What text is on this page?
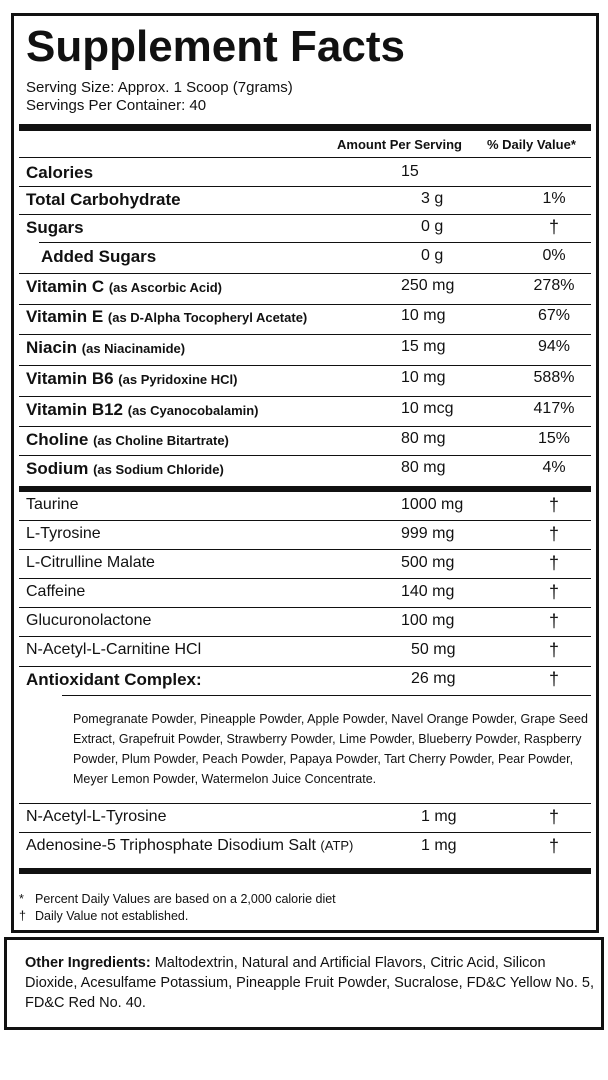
Supplement Facts
Serving Size: Approx. 1 Scoop (7grams)
Servings Per Container: 40
Amount Per Serving % Daily Value*
Calories	15
Total Carbohydrate	3 g	1%
Sugars	0 g	†
Added Sugars	0 g	0%
Vitamin C (as Ascorbic Acid)	250 mg	278%
Vitamin E (as D-Alpha Tocopheryl Acetate)	10 mg	67%
Niacin (as Niacinamide)	15 mg	94%
Vitamin B6 (as Pyridoxine HCl)	10 mg	588%
Vitamin B12 (as Cyanocobalamin)	10 mcg	417%
Choline (as Choline Bitartrate)	80 mg	15%
Sodium (as Sodium Chloride)	80 mg	4%
Taurine	1000 mg	†
L-Tyrosine	999 mg	†
L-Citrulline Malate	500 mg	†
Caffeine	140 mg	†
Glucuronolactone	100 mg	†
N-Acetyl-L-Carnitine HCl	50 mg	†
Antioxidant Complex:	26 mg	†
Pomegranate Powder, Pineapple Powder, Apple Powder, Navel Orange Powder, Grape Seed Extract, Grapefruit Powder, Strawberry Powder, Lime Powder, Blueberry Powder, Raspberry Powder, Plum Powder, Peach Powder, Papaya Powder, Tart Cherry Powder, Pear Powder, Meyer Lemon Powder, Watermelon Juice Concentrate.
N-Acetyl-L-Tyrosine	1 mg	†
Adenosine-5 Triphosphate Disodium Salt (ATP)	1 mg	†
* Percent Daily Values are based on a 2,000 calorie diet
† Daily Value not established.
Other Ingredients: Maltodextrin, Natural and Artificial Flavors, Citric Acid, Silicon Dioxide, Acesulfame Potassium, Pineapple Fruit Powder, Sucralose, FD&C Yellow No. 5, FD&C Red No. 40.
